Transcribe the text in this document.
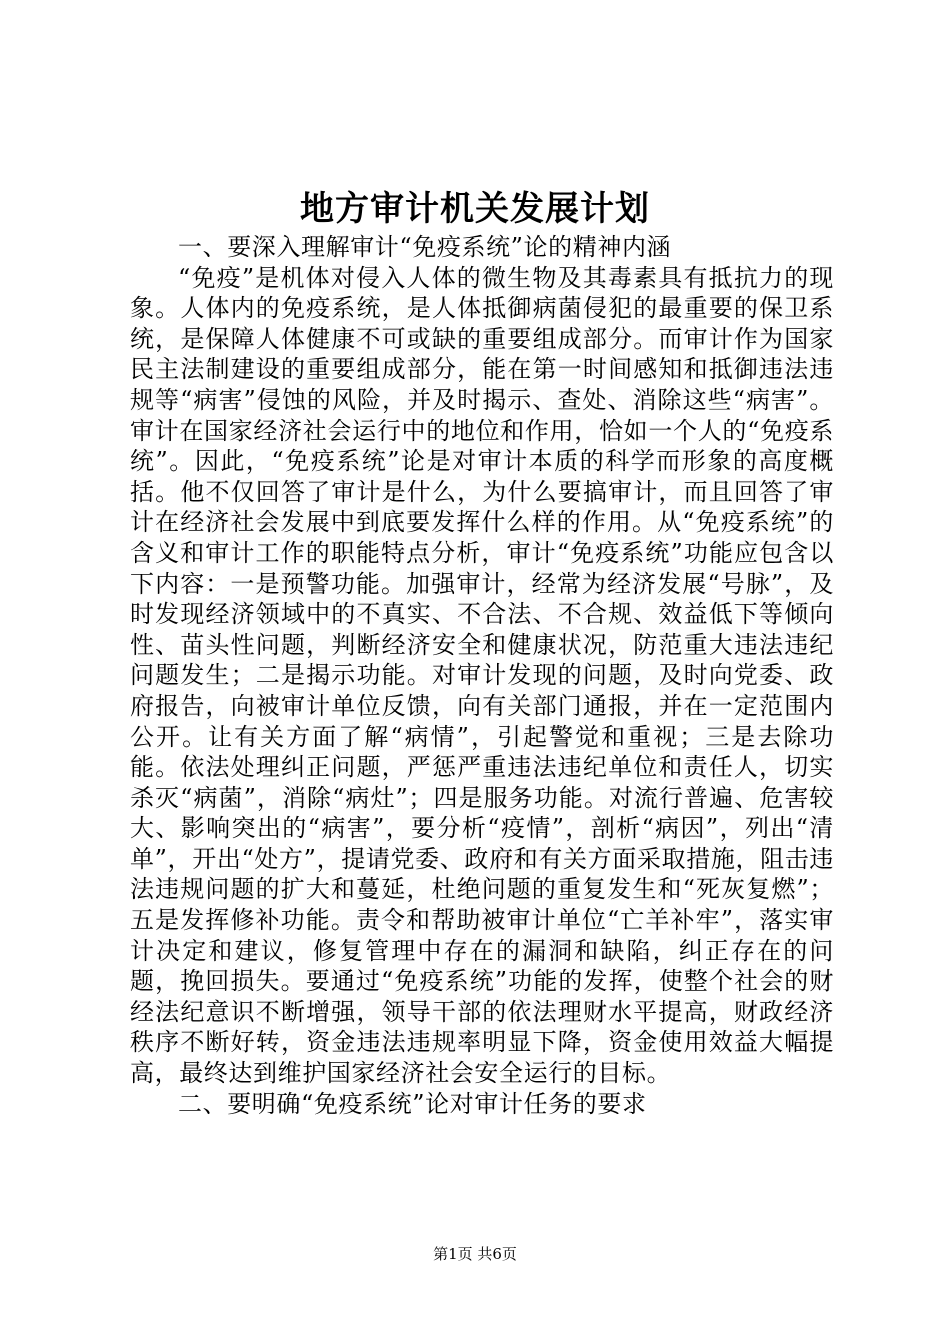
地方审计机关发展计划

一、要深入理解审计“免疫系统”论的精神内涵

“免疫”是机体对侵入人体的微生物及其毒素具有抵抗力的现象。人体内的免疫系统，是人体抵御病菌侵犯的最重要的保卫系统，是保障人体健康不可或缺的重要组成部分。而审计作为国家民主法制建设的重要组成部分，能在第一时间感知和抵御违法违规等“病害”侵蚀的风险，并及时揭示、查处、消除这些“病害”。审计在国家经济社会运行中的地位和作用，恰如一个人的“免疫系统”。因此，“免疫系统”论是对审计本质的科学而形象的高度概括。他不仅回答了审计是什么，为什么要搞审计，而且回答了审计在经济社会发展中到底要发挥什么样的作用。从“免疫系统”的含义和审计工作的职能特点分析，审计“免疫系统”功能应包含以下内容：一是预警功能。加强审计，经常为经济发展“号脉”，及时发现经济领域中的不真实、不合法、不合规、效益低下等倾向性、苗头性问题，判断经济安全和健康状况，防范重大违法违纪问题发生；二是揭示功能。对审计发现的问题，及时向党委、政府报告，向被审计单位反馈，向有关部门通报，并在一定范围内公开。让有关方面了解“病情”，引起警觉和重视；三是去除功能。依法处理纠正问题，严惩严重违法违纪单位和责任人，切实杀灭“病菌”，消除“病灶”；四是服务功能。对流行普遍、危害较大、影响突出的“病害”，要分析“疫情”，剖析“病因”，列出“清单”，开出“处方”，提请党委、政府和有关方面采取措施，阻击违法违规问题的扩大和蔓延，杜绝问题的重复发生和“死灰复燃”；五是发挥修补功能。责令和帮助被审计单位“亡羊补牢”，落实审计决定和建议，修复管理中存在的漏洞和缺陷，纠正存在的问题，挽回损失。要通过“免疫系统”功能的发挥，使整个社会的财经法纪意识不断增强，领导干部的依法理财水平提高，财政经济秩序不断好转，资金违法违规率明显下降，资金使用效益大幅提高，最终达到维护国家经济社会安全运行的目标。

二、要明确“免疫系统”论对审计任务的要求

第1页 共6页
